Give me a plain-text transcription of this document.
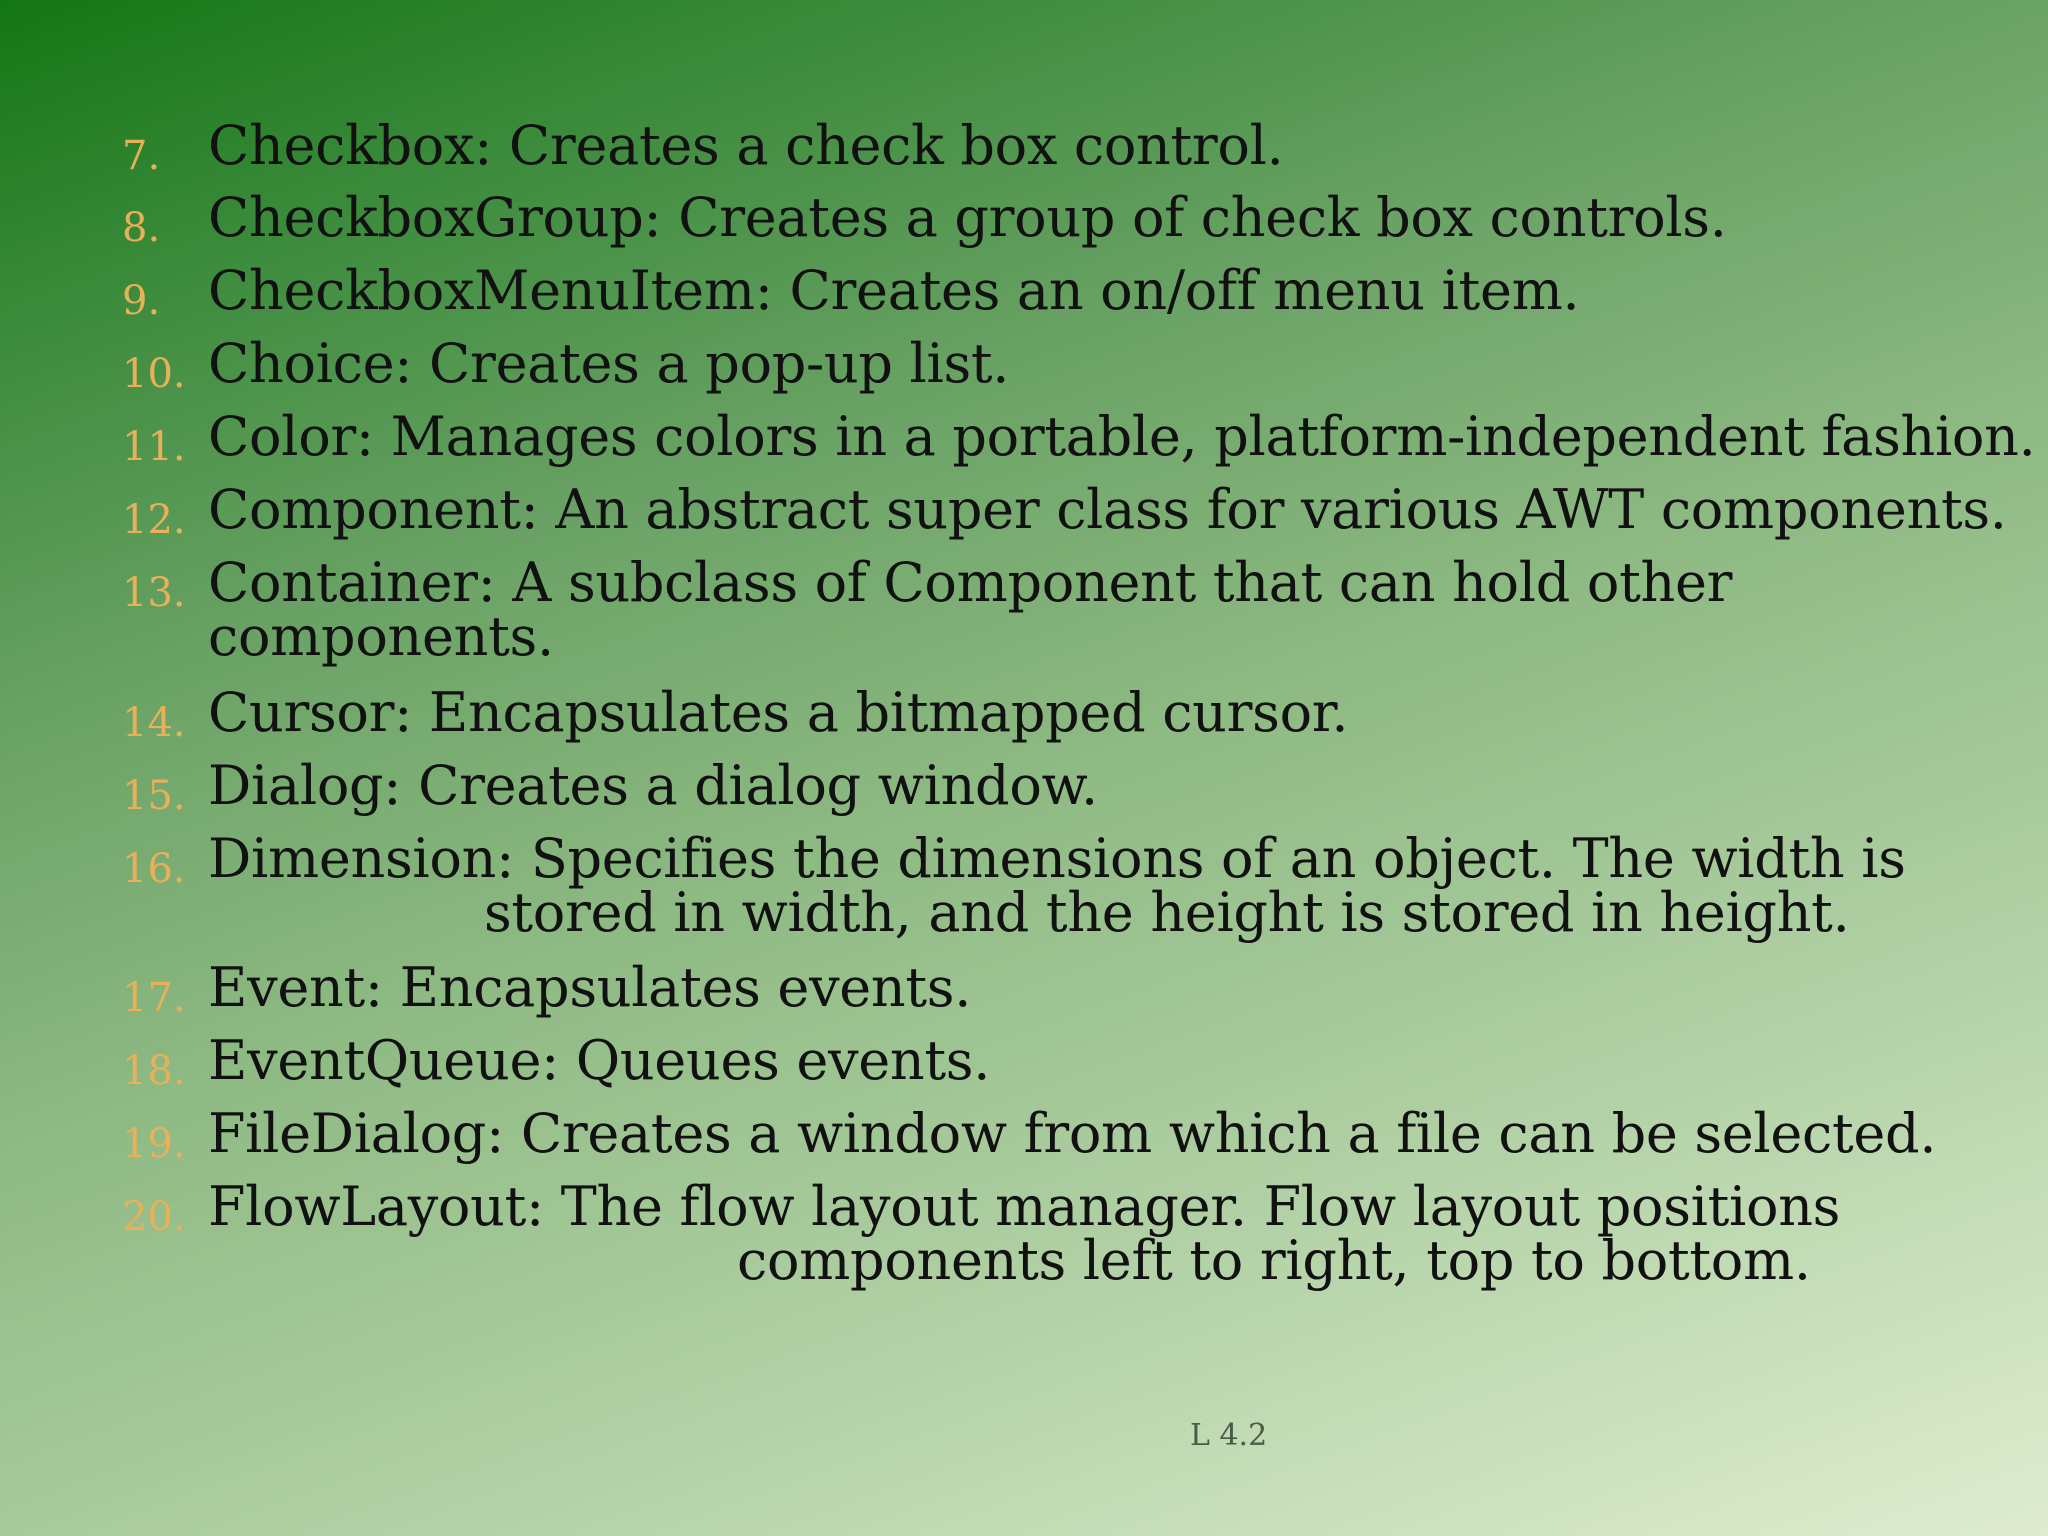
7. Checkbox: Creates a check box control.
8. CheckboxGroup: Creates a group of check box controls.
9. CheckboxMenuItem: Creates an on/off menu item.
10. Choice: Creates a pop-up list.
11. Color: Manages colors in a portable, platform-independent fashion.
12. Component: An abstract super class for various AWT components.
13. Container: A subclass of Component that can hold other
components.
14. Cursor: Encapsulates a bitmapped cursor.
15. Dialog: Creates a dialog window.
16. Dimension: Specifies the dimensions of an object. The width is
stored in width, and the height is stored in height.
17. Event: Encapsulates events.
18. EventQueue: Queues events.
19. FileDialog: Creates a window from which a file can be selected.
20. FlowLayout: The flow layout manager. Flow layout positions
components left to right, top to bottom.
L 4.2
